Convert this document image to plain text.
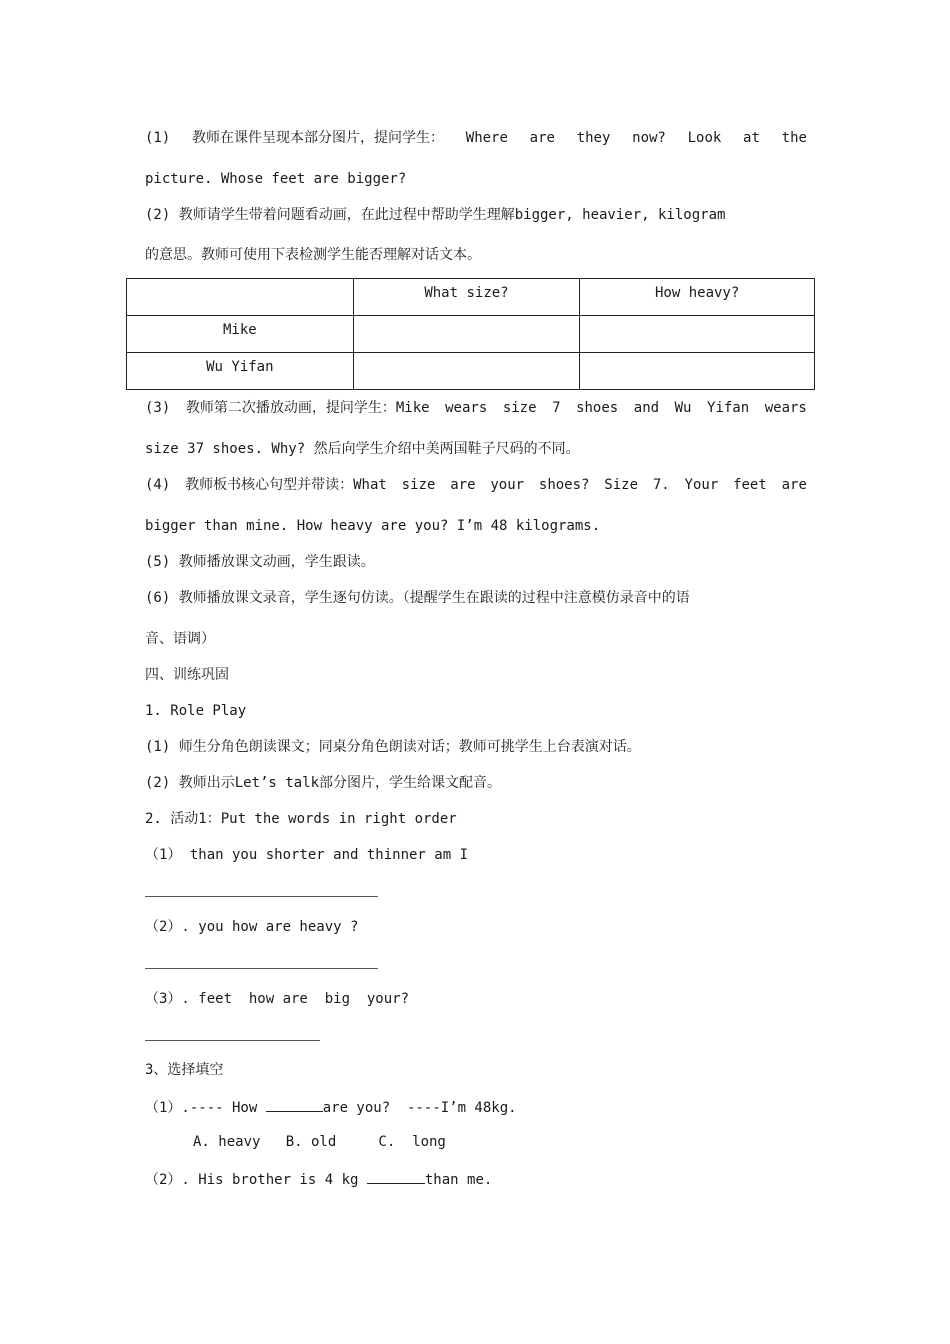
(1) 教师在课件呈现本部分图片，提问学生： Where are they now? Look at the
picture. Whose feet are bigger?
(2) 教师请学生带着问题看动画，在此过程中帮助学生理解bigger, heavier, kilogram
的意思。教师可使用下表检测学生能否理解对话文本。
	What size?	How heavy?
Mike		
Wu Yifan		
(3) 教师第二次播放动画，提问学生：Mike wears size 7 shoes and Wu Yifan wears
size 37 shoes. Why? 然后向学生介绍中美两国鞋子尺码的不同。
(4) 教师板书核心句型并带读：What size are your shoes? Size 7. Your feet are
bigger than mine. How heavy are you? I’m 48 kilograms.
(5) 教师播放课文动画，学生跟读。
(6) 教师播放课文录音，学生逐句仿读。（提醒学生在跟读的过程中注意模仿录音中的语
音、语调）
四、训练巩固
1. Role Play
(1) 师生分角色朗读课文；同桌分角色朗读对话；教师可挑学生上台表演对话。
(2) 教师出示Let’s talk部分图片，学生给课文配音。
2. 活动1：Put the words in right order
（1） than you shorter and thinner am I
（2）. you how are heavy ?
（3）. feet  how are  big  your?
3、选择填空
（1）.---- How	are you?  ----I’m 48kg.
A. heavy   B. old     C.  long
（2）. His brother is 4 kg	than me.
